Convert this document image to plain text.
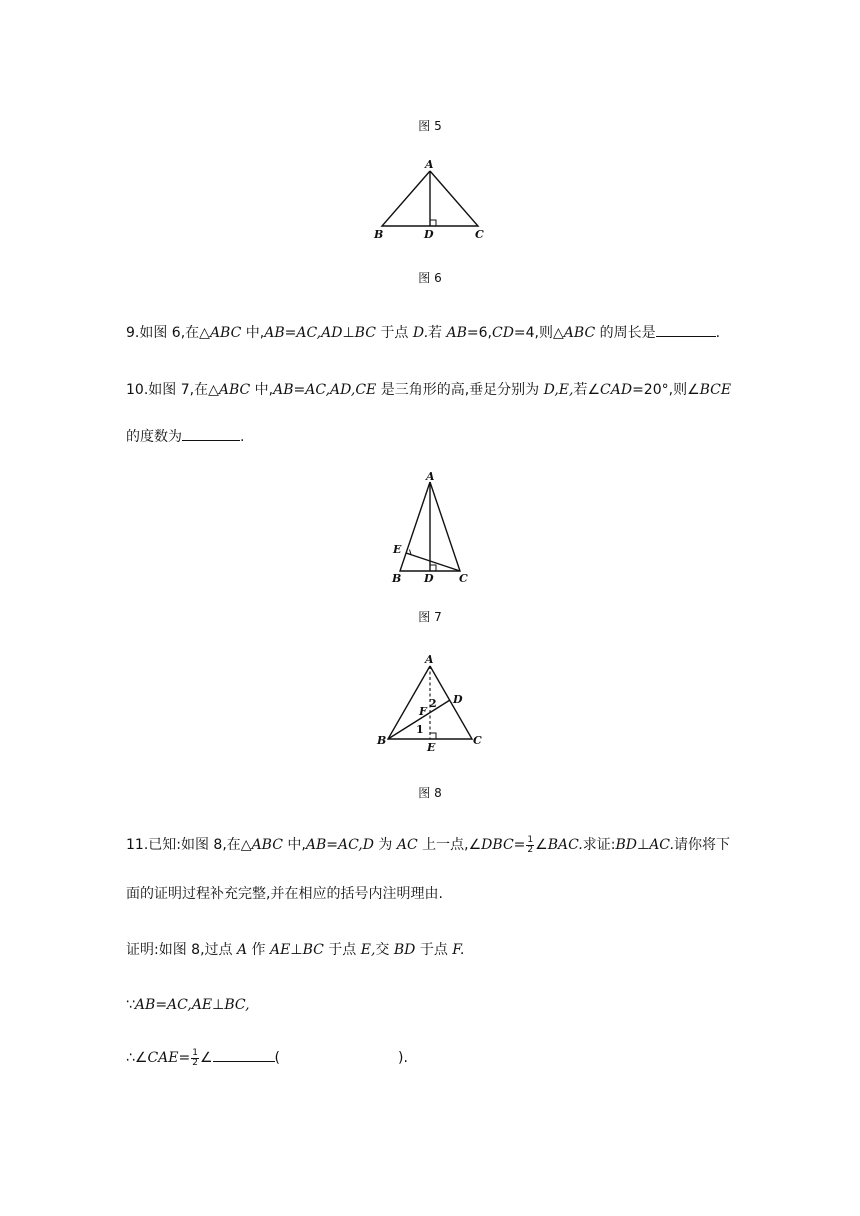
图 5
A
B	D	C
图 6
9.如图 6,在△ABC 中,AB=AC,AD⊥BC 于点 D.若 AB=6,CD=4,则△ABC 的周长是	.
10.如图 7,在△ABC 中,AB=AC,AD,CE 是三角形的高,垂足分别为 D,E,若∠CAD=20°,则∠BCE
的度数为	.
A
E
B D C
图 7
A
D
2
F
1
B
E
C
图 8
11.已知:如图 8,在△ABC 中,AB=AC,D 为 AC 上一点,∠DBC= $\frac{1}{2}$ ∠BAC.求证:BD⊥AC.请你将下
面的证明过程补充完整,并在相应的括号内注明理由.
证明:如图 8,过点 A 作 AE⊥BC 于点 E,交 BD 于点 F.
∵AB=AC,AE⊥BC,
∴∠CAE= $\frac{1}{2}$ ∠	(	).
